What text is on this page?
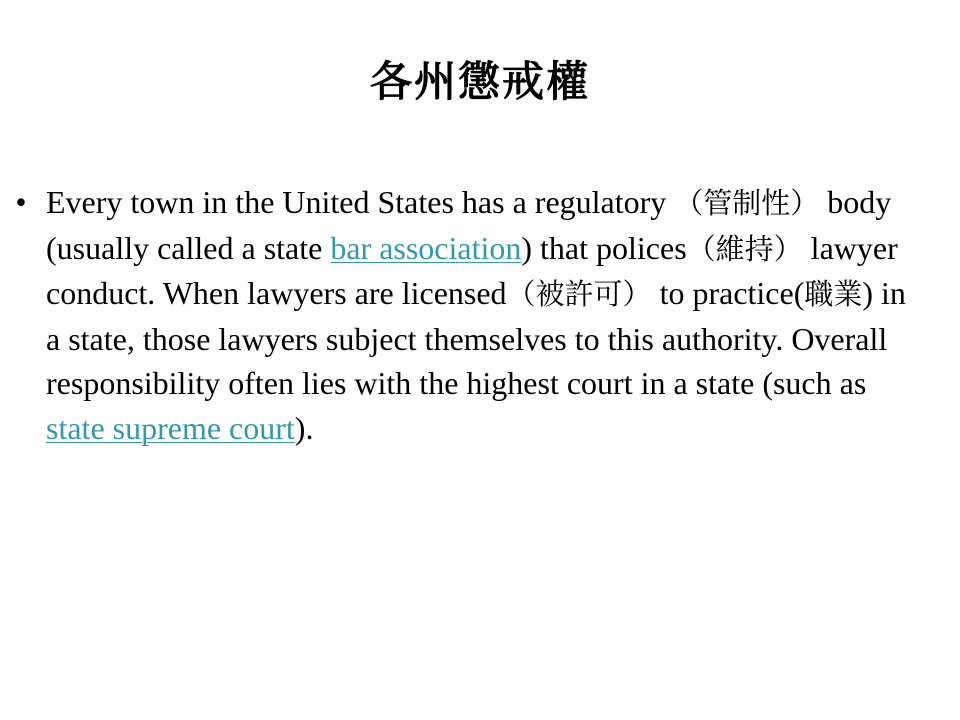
各州懲戒權
• Every town in the United States has a regulatory （管制性） body (usually called a state bar association) that polices（維持） lawyer conduct. When lawyers are licensed（被許可） to practice(職業) in a state, those lawyers subject themselves to this authority. Overall responsibility often lies with the highest court in a state (such as state supreme court).
